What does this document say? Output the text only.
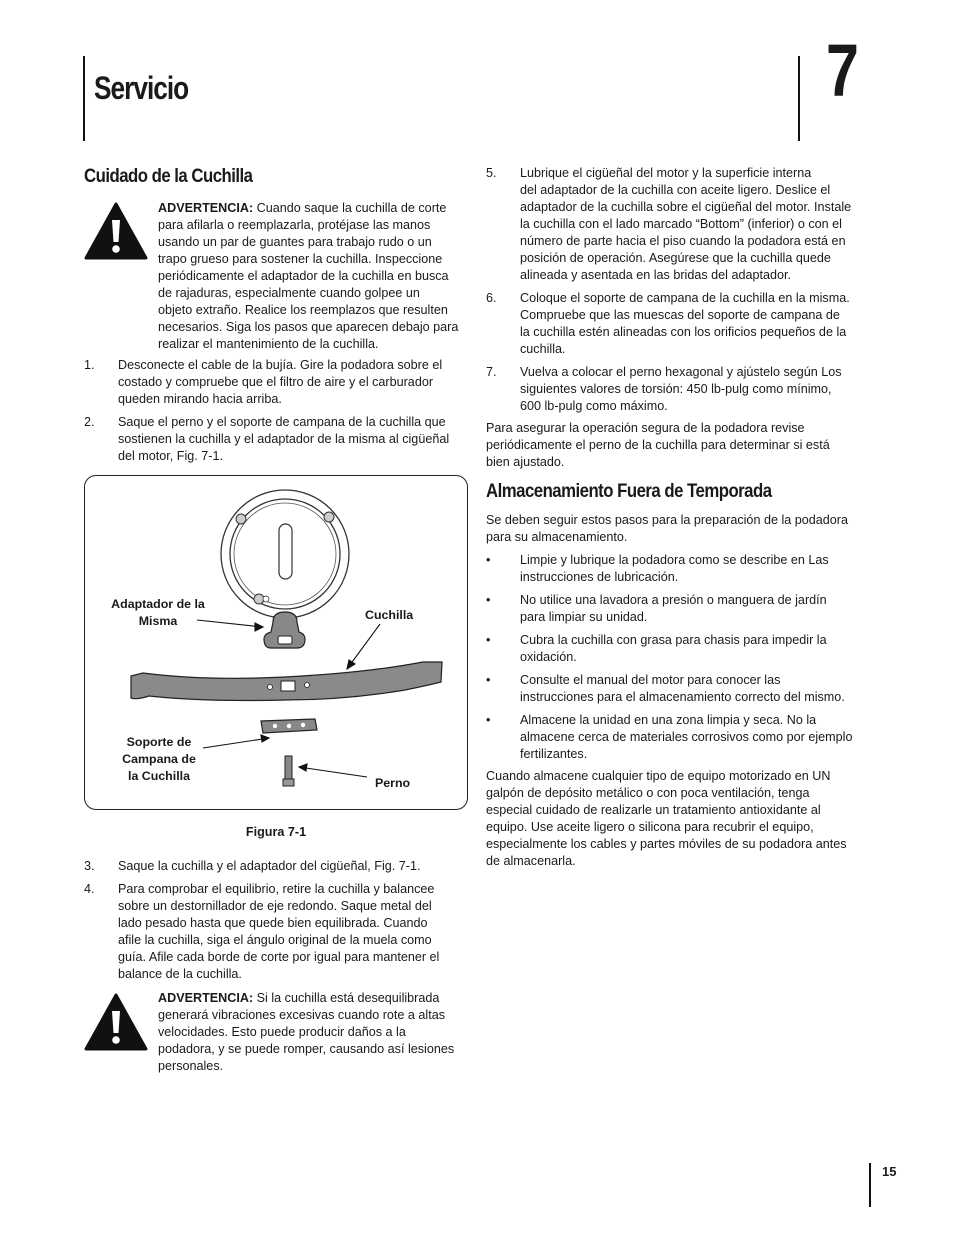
Servicio	7
Cuidado de la Cuchilla
ADVERTENCIA: Cuando saque la cuchilla de corte
para afilarla o reemplazarla, protéjase las manos
usando un par de guantes para trabajo rudo o un
trapo grueso para sostener la cuchilla. Inspeccione
periódicamente el adaptador de la cuchilla en busca
de rajaduras, especialmente cuando golpee un
objeto extraño. Realice los reemplazos que resulten
necesarios. Siga los pasos que aparecen debajo para
realizar el mantenimiento de la cuchilla.
1. Desconecte el cable de la bujía. Gire la podadora sobre el
costado y compruebe que el filtro de aire y el carburador
queden mirando hacia arriba.
2. Saque el perno y el soporte de campana de la cuchilla que
sostienen la cuchilla y el adaptador de la misma al cigüeñal
del motor, Fig. 7-1.
Adaptador de la
Misma	Cuchilla
Soporte de
Campana de
la Cuchilla	Perno
Figura 7-1
3. Saque la cuchilla y el adaptador del cigüeñal, Fig. 7-1.
4. Para comprobar el equilibrio, retire la cuchilla y balancee
sobre un destornillador de eje redondo. Saque metal del
lado pesado hasta que quede bien equilibrada. Cuando
afile la cuchilla, siga el ángulo original de la muela como
guía. Afile cada borde de corte por igual para mantener el
balance de la cuchilla.
ADVERTENCIA: Si la cuchilla está desequilibrada
generará vibraciones excesivas cuando rote a altas
velocidades. Esto puede producir daños a la
podadora, y se puede romper, causando así lesiones
personales.
5. Lubrique el cigüeñal del motor y la superficie interna
del adaptador de la cuchilla con aceite ligero. Deslice el
adaptador de la cuchilla sobre el cigüeñal del motor. Instale
la cuchilla con el lado marcado “Bottom” (inferior) o con el
número de parte hacia el piso cuando la podadora está en
posición de operación. Asegúrese que la cuchilla quede
alineada y asentada en las bridas del adaptador.
6. Coloque el soporte de campana de la cuchilla en la misma.
Compruebe que las muescas del soporte de campana de
la cuchilla estén alineadas con los orificios pequeños de la
cuchilla.
7. Vuelva a colocar el perno hexagonal y ajústelo según Los
siguientes valores de torsión: 450 lb-pulg como mínimo,
600 lb-pulg como máximo.
Para asegurar la operación segura de la podadora revise
periódicamente el perno de la cuchilla para determinar si está
bien ajustado.
Almacenamiento Fuera de Temporada
Se deben seguir estos pasos para la preparación de la podadora
para su almacenamiento.
• Limpie y lubrique la podadora como se describe en Las
instrucciones de lubricación.
• No utilice una lavadora a presión o manguera de jardín
para limpiar su unidad.
• Cubra la cuchilla con grasa para chasis para impedir la
oxidación.
• Consulte el manual del motor para conocer las
instrucciones para el almacenamiento correcto del mismo.
• Almacene la unidad en una zona limpia y seca. No la
almacene cerca de materiales corrosivos como por ejemplo
fertilizantes.
Cuando almacene cualquier tipo de equipo motorizado en UN
galpón de depósito metálico o con poca ventilación, tenga
especial cuidado de realizarle un tratamiento antioxidante al
equipo. Use aceite ligero o silicona para recubrir el equipo,
especialmente los cables y partes móviles de su podadora antes
de almacenarla.
15
